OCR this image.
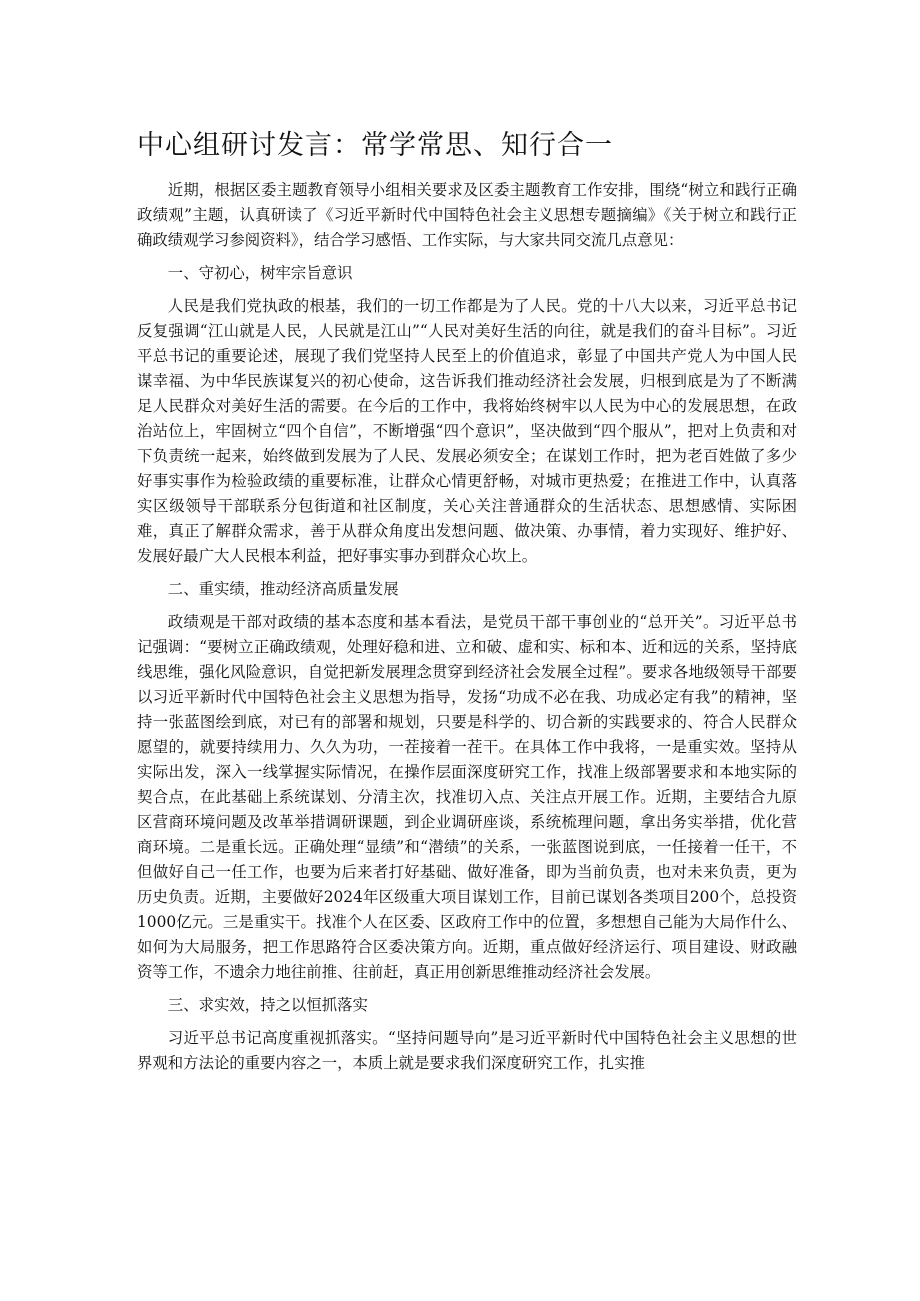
中心组研讨发言：常学常思、知行合一

近期，根据区委主题教育领导小组相关要求及区委主题教育工作安排，围绕“树立和践行正确政绩观”主题，认真研读了《习近平新时代中国特色社会主义思想专题摘编》《关于树立和践行正确政绩观学习参阅资料》，结合学习感悟、工作实际，与大家共同交流几点意见：

一、守初心，树牢宗旨意识

人民是我们党执政的根基，我们的一切工作都是为了人民。党的十八大以来，习近平总书记反复强调“江山就是人民，人民就是江山”“人民对美好生活的向往，就是我们的奋斗目标”。习近平总书记的重要论述，展现了我们党坚持人民至上的价值追求，彰显了中国共产党人为中国人民谋幸福、为中华民族谋复兴的初心使命，这告诉我们推动经济社会发展，归根到底是为了不断满足人民群众对美好生活的需要。在今后的工作中，我将始终树牢以人民为中心的发展思想，在政治站位上，牢固树立“四个自信”，不断增强“四个意识”，坚决做到“四个服从”，把对上负责和对下负责统一起来，始终做到发展为了人民、发展必须安全；在谋划工作时，把为老百姓做了多少好事实事作为检验政绩的重要标准，让群众心情更舒畅，对城市更热爱；在推进工作中，认真落实区级领导干部联系分包街道和社区制度，关心关注普通群众的生活状态、思想感情、实际困难，真正了解群众需求，善于从群众角度出发想问题、做决策、办事情，着力实现好、维护好、发展好最广大人民根本利益，把好事实事办到群众心坎上。

二、重实绩，推动经济高质量发展

政绩观是干部对政绩的基本态度和基本看法，是党员干部干事创业的“总开关”。习近平总书记强调：“要树立正确政绩观，处理好稳和进、立和破、虚和实、标和本、近和远的关系，坚持底线思维，强化风险意识，自觉把新发展理念贯穿到经济社会发展全过程”。要求各地级领导干部要以习近平新时代中国特色社会主义思想为指导，发扬“功成不必在我、功成必定有我”的精神，坚持一张蓝图绘到底，对已有的部署和规划，只要是科学的、切合新的实践要求的、符合人民群众愿望的，就要持续用力、久久为功，一茬接着一茬干。在具体工作中我将，一是重实效。坚持从实际出发，深入一线掌握实际情况，在操作层面深度研究工作，找准上级部署要求和本地实际的契合点，在此基础上系统谋划、分清主次，找准切入点、关注点开展工作。近期，主要结合九原区营商环境问题及改革举措调研课题，到企业调研座谈，系统梳理问题，拿出务实举措，优化营商环境。二是重长远。正确处理“显绩”和“潜绩”的关系，一张蓝图说到底，一任接着一任干，不但做好自己一任工作，也要为后来者打好基础、做好准备，即为当前负责，也对未来负责，更为历史负责。近期，主要做好2024年区级重大项目谋划工作，目前已谋划各类项目200个，总投资1000亿元。三是重实干。找准个人在区委、区政府工作中的位置，多想想自己能为大局作什么、如何为大局服务，把工作思路符合区委决策方向。近期，重点做好经济运行、项目建设、财政融资等工作，不遗余力地往前推、往前赶，真正用创新思维推动经济社会发展。

三、求实效，持之以恒抓落实

习近平总书记高度重视抓落实。“坚持问题导向”是习近平新时代中国特色社会主义思想的世界观和方法论的重要内容之一，本质上就是要求我们深度研究工作，扎实推
